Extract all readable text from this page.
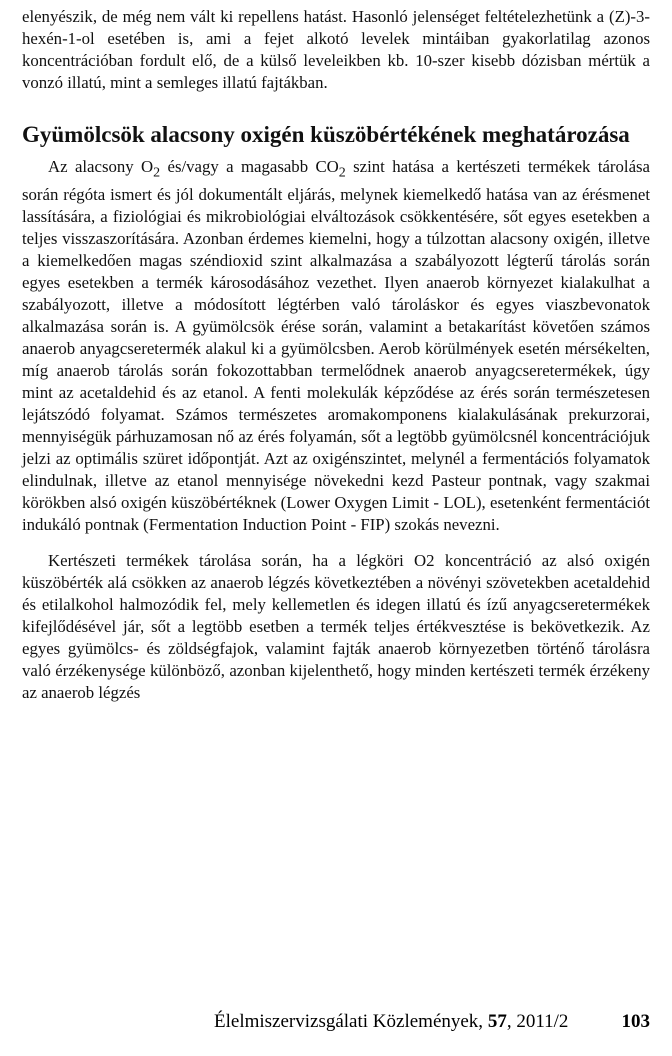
elenyészik, de még nem vált ki repellens hatást. Hasonló jelenséget feltételezhetünk a (Z)-3-hexén-1-ol esetében is, ami a fejet alkotó levelek mintáiban gyakorlatilag azonos koncentrációban fordult elő, de a külső leveleikben kb. 10-szer kisebb dózisban mértük a vonzó illatú, mint a semleges illatú fajtákban.

Gyümölcsök alacsony oxigén küszöbértékének meghatározása

Az alacsony $O_2$ és/vagy a magasabb $CO_2$ szint hatása a kertészeti termékek tárolása során régóta ismert és jól dokumentált eljárás, melynek kiemelkedő hatása van az érésmenet lassítására, a fiziológiai és mikrobiológiai elváltozások csökkentésére, sőt egyes esetekben a teljes visszaszorítására. Azonban érdemes kiemelni, hogy a túlzottan alacsony oxigén, illetve a kiemelkedően magas széndioxid szint alkalmazása a szabályozott légterű tárolás során egyes esetekben a termék károsodásához vezethet. Ilyen anaerob környezet kialakulhat a szabályozott, illetve a módosított légtérben való tároláskor és egyes viaszbevonatok alkalmazása során is. A gyümölcsök érése során, valamint a betakarítást követően számos anaerob anyagcseretermék alakul ki a gyümölcsben. Aerob körülmények esetén mérsékelten, míg anaerob tárolás során fokozottabban termelődnek anaerob anyagcseretermékek, úgy mint az acetaldehid és az etanol. A fenti molekulák képződése az érés során természetesen lejátszódó folyamat. Számos természetes aromakomponens kialakulásának prekurzorai, mennyiségük párhuzamosan nő az érés folyamán, sőt a legtöbb gyümölcsnél koncentrációjuk jelzi az optimális szüret időpontját. Azt az oxigénszintet, melynél a fermentációs folyamatok elindulnak, illetve az etanol mennyisége növekedni kezd Pasteur pontnak, vagy szakmai körökben alsó oxigén küszöbértéknek (Lower Oxygen Limit - LOL), esetenként fermentációt indukáló pontnak (Fermentation Induction Point - FIP) szokás nevezni.

Kertészeti termékek tárolása során, ha a légköri O2 koncentráció az alsó oxigén küszöbérték alá csökken az anaerob légzés következtében a növényi szövetekben acetaldehid és etilalkohol halmozódik fel, mely kellemetlen és idegen illatú és ízű anyagcseretermékek kifejlődésével jár, sőt a legtöbb esetben a termék teljes értékvesztése is bekövetkezik. Az egyes gyümölcs- és zöldségfajok, valamint fajták anaerob környezetben történő tárolásra való érzékenysége különböző, azonban kijelenthető, hogy minden kertészeti termék érzékeny az anaerob légzés

Élelmiszervizsgálati Közlemények, 57, 2011/2	103
